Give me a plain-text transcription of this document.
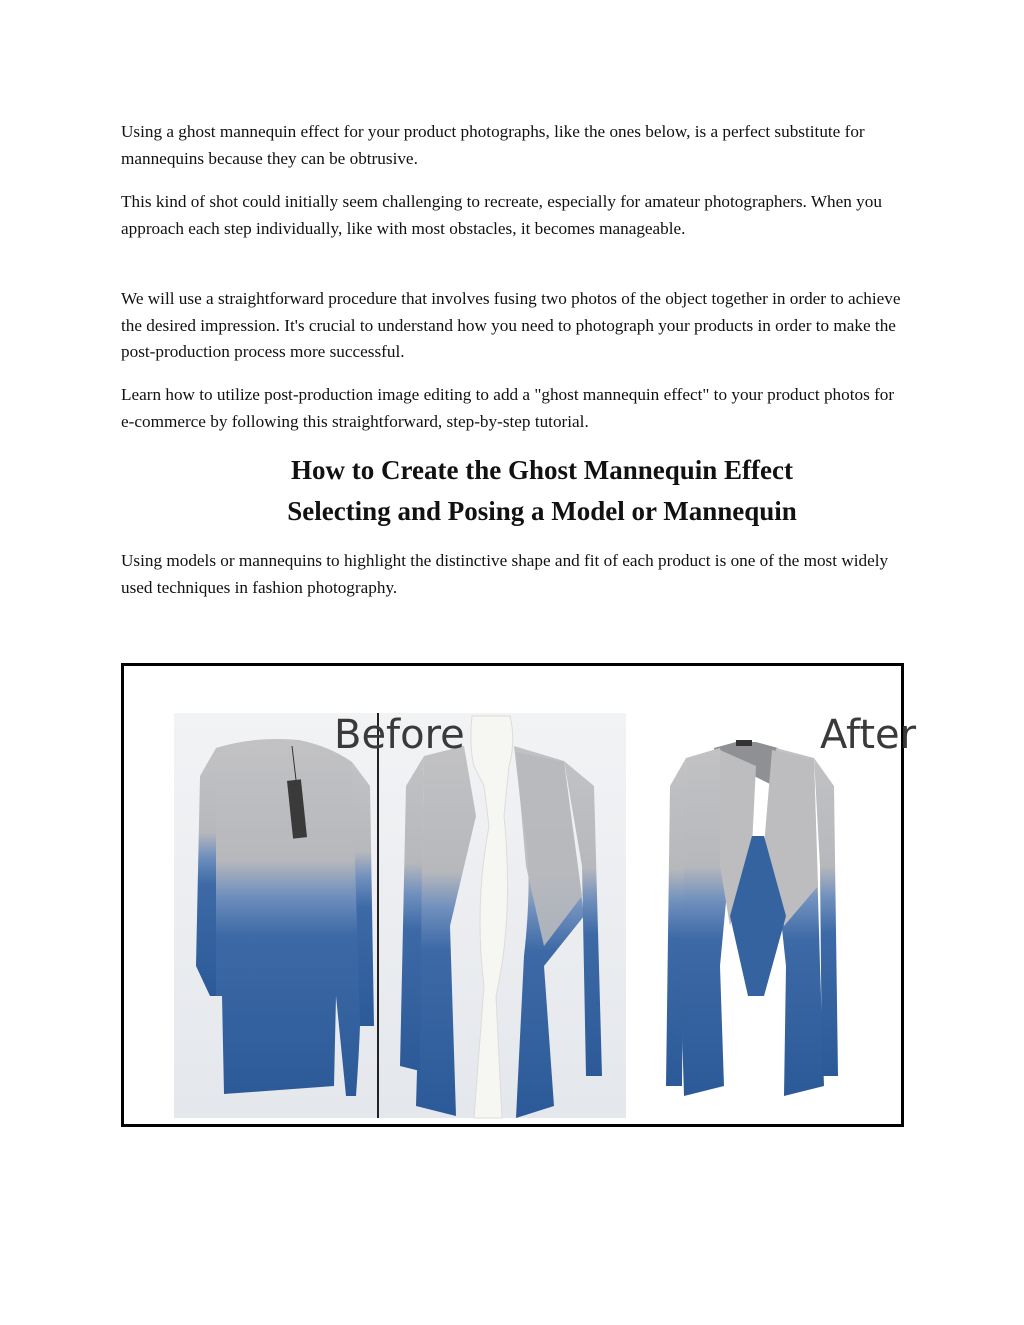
Using a ghost mannequin effect for your product photographs, like the ones below, is a perfect substitute for mannequins because they can be obtrusive.

This kind of shot could initially seem challenging to recreate, especially for amateur photographers. When you approach each step individually, like with most obstacles, it becomes manageable.

We will use a straightforward procedure that involves fusing two photos of the object together in order to achieve the desired impression. It's crucial to understand how you need to photograph your products in order to make the post-production process more successful.

Learn how to utilize post-production image editing to add a "ghost mannequin effect" to your product photos for e-commerce by following this straightforward, step-by-step tutorial.

How to Create the Ghost Mannequin Effect
Selecting and Posing a Model or Mannequin

Using models or mannequins to highlight the distinctive shape and fit of each product is one of the most widely used techniques in fashion photography.

Before	After
